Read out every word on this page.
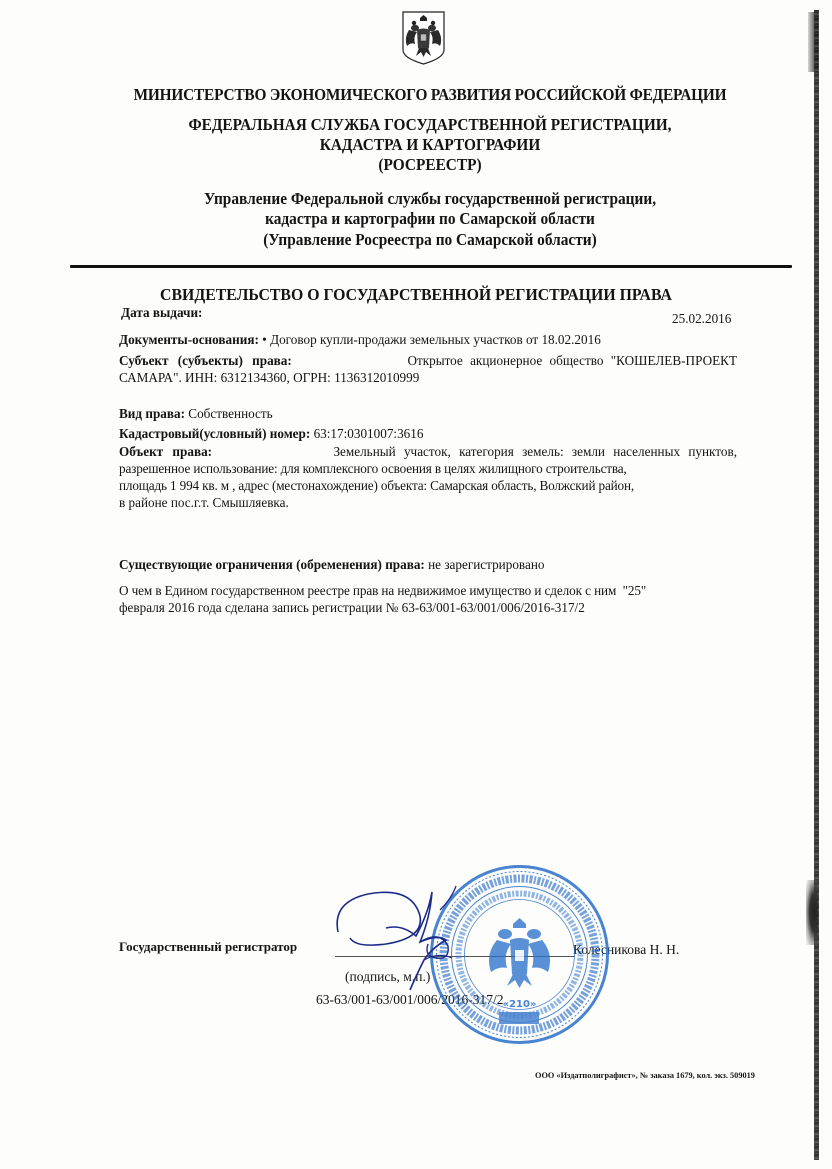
МИНИСТЕРСТВО ЭКОНОМИЧЕСКОГО РАЗВИТИЯ РОССИЙСКОЙ ФЕДЕРАЦИИ
ФЕДЕРАЛЬНАЯ СЛУЖБА ГОСУДАРСТВЕННОЙ РЕГИСТРАЦИИ,
КАДАСТРА И КАРТОГРАФИИ
(РОСРЕЕСТР)
Управление Федеральной службы государственной регистрации,
кадастра и картографии по Самарской области
(Управление Росреестра по Самарской области)
СВИДЕТЕЛЬСТВО О ГОСУДАРСТВЕННОЙ РЕГИСТРАЦИИ ПРАВА
Дата выдачи:	25.02.2016
Документы-основания: • Договор купли-продажи земельных участков от 18.02.2016
Субъект (субъекты) права:	Открытое акционерное общество "КОШЕЛЕВ-ПРОЕКТ
САМАРА". ИНН: 6312134360, ОГРН: 1136312010999
Вид права: Собственность
Кадастровый(условный) номер: 63:17:0301007:3616
Объект права:	Земельный участок, категория земель: земли населенных пунктов,
разрешенное использование: для комплексного освоения в целях жилищного строительства,
площадь 1 994 кв. м , адрес (местонахождение) объекта: Самарская область, Волжский район,
в районе пос.г.т. Смышляевка.
Существующие ограничения (обременения) права: не зарегистрировано
О чем в Едином государственном реестре прав на недвижимое имущество и сделок с ним  "25"
февраля 2016 года сделана запись регистрации № 63-63/001-63/001/006/2016-317/2
Государственный регистратор	Колесникова Н. Н.
(подпись, м.п.)
63-63/001-63/001/006/2016-317/2 «210»
ООО «Издатполиграфист», № заказа 1679, кол. экз. 509019
